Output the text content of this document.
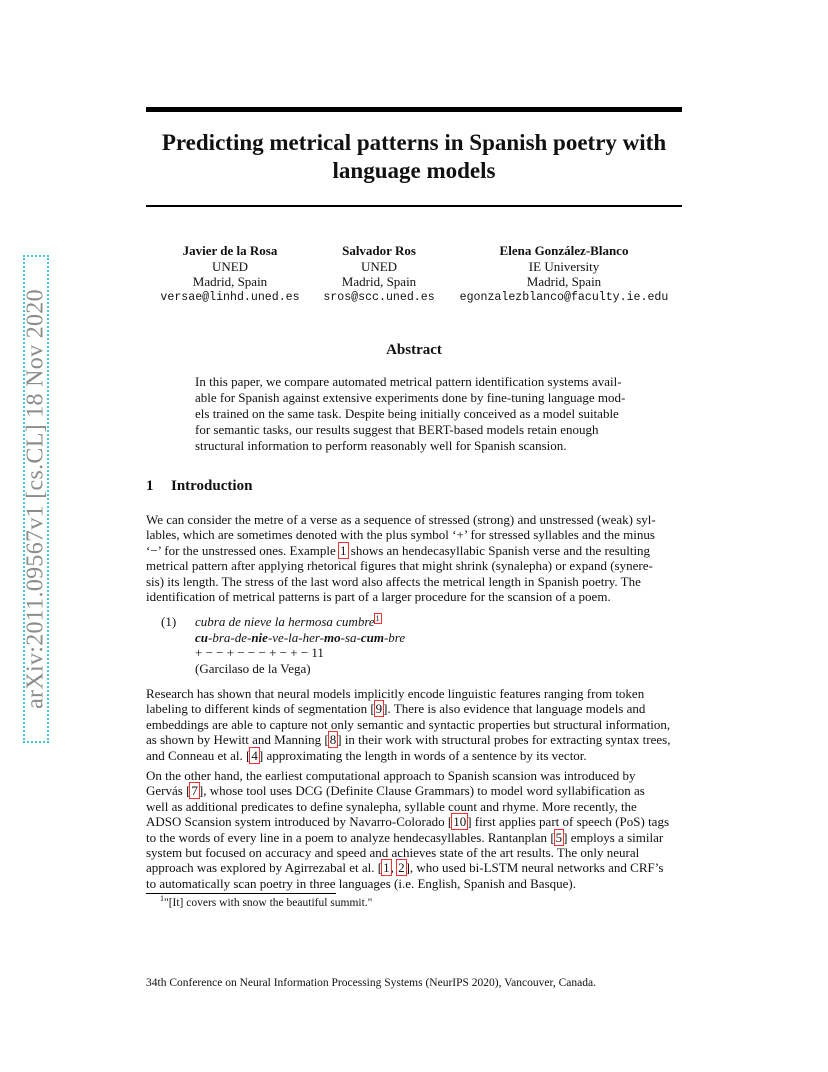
arXiv:2011.09567v1 [cs.CL] 18 Nov 2020
Predicting metrical patterns in Spanish poetry with
language models
Javier de la Rosa
UNED
Madrid, Spain
versae@linhd.uned.es
Salvador Ros
UNED
Madrid, Spain
sros@scc.uned.es
Elena González-Blanco
IE University
Madrid, Spain
egonzalezblanco@faculty.ie.edu
Abstract
In this paper, we compare automated metrical pattern identification systems avail-
able for Spanish against extensive experiments done by fine-tuning language mod-
els trained on the same task. Despite being initially conceived as a model suitable
for semantic tasks, our results suggest that BERT-based models retain enough
structural information to perform reasonably well for Spanish scansion.
1 Introduction
We can consider the metre of a verse as a sequence of stressed (strong) and unstressed (weak) syl-
lables, which are sometimes denoted with the plus symbol ‘+’ for stressed syllables and the minus
‘−’ for the unstressed ones. Example 1 shows an hendecasyllabic Spanish verse and the resulting
metrical pattern after applying rhetorical figures that might shrink (synalepha) or expand (synere-
sis) its length. The stress of the last word also affects the metrical length in Spanish poetry. The
identification of metrical patterns is part of a larger procedure for the scansion of a poem.
(1) cubra de nieve la hermosa cumbre$^1$
cu-bra-de-nie-ve-la-her-mo-sa-cum-bre
+ − − + − − − + − + − 11
(Garcilaso de la Vega)
Research has shown that neural models implicitly encode linguistic features ranging from token
labeling to different kinds of segmentation [9]. There is also evidence that language models and
embeddings are able to capture not only semantic and syntactic properties but structural information,
as shown by Hewitt and Manning [8] in their work with structural probes for extracting syntax trees,
and Conneau et al. [4] approximating the length in words of a sentence by its vector.
On the other hand, the earliest computational approach to Spanish scansion was introduced by
Gervás [7], whose tool uses DCG (Definite Clause Grammars) to model word syllabification as
well as additional predicates to define synalepha, syllable count and rhyme. More recently, the
ADSO Scansion system introduced by Navarro-Colorado [10] first applies part of speech (PoS) tags
to the words of every line in a poem to analyze hendecasyllables. Rantanplan [5] employs a similar
system but focused on accuracy and speed and achieves state of the art results. The only neural
approach was explored by Agirrezabal et al. [1, 2], who used bi-LSTM neural networks and CRF’s
to automatically scan poetry in three languages (i.e. English, Spanish and Basque).
$^1$"[It] covers with snow the beautiful summit."
34th Conference on Neural Information Processing Systems (NeurIPS 2020), Vancouver, Canada.
